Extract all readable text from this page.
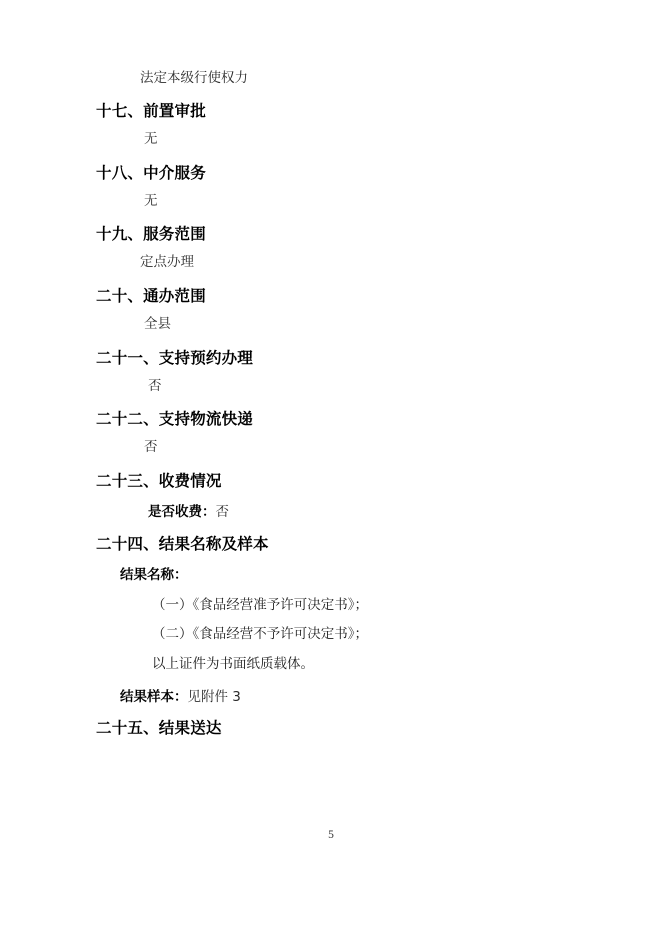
法定本级行使权力
十七、前置审批
无
十八、中介服务
无
十九、服务范围
定点办理
二十、通办范围
全县
二十一、支持预约办理
否
二十二、支持物流快递
否
二十三、收费情况
是否收费：否
二十四、结果名称及样本
结果名称：
（一）《食品经营准予许可决定书》；
（二）《食品经营不予许可决定书》；
以上证件为书面纸质载体。
结果样本：见附件 3
二十五、结果送达
5
